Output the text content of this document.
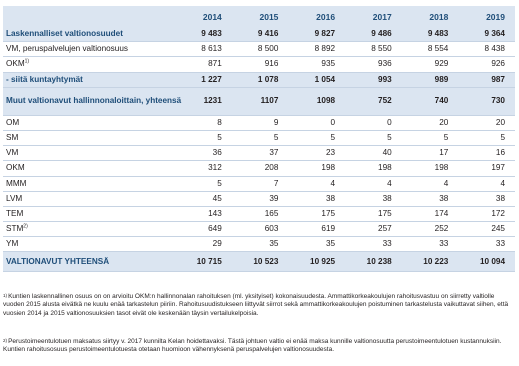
	2014	2015	2016	2017	2018	2019
Laskennalliset valtionosuudet	9 483	9 416	9 827	9 486	9 483	9 364
VM, peruspalvelujen valtionosuus	8 613	8 500	8 892	8 550	8 554	8 438
OKM$^{1)}$	871	916	935	936	929	926
- siitä kuntayhtymät	1 227	1 078	1 054	993	989	987
Muut valtionavut hallinnonaloittain, yhteensä	1231	1107	1098	752	740	730
OM	8	9	0	0	20	20
SM	5	5	5	5	5	5
VM	36	37	23	40	17	16
OKM	312	208	198	198	198	197
MMM	5	7	4	4	4	4
LVM	45	39	38	38	38	38
TEM	143	165	175	175	174	172
STM$^{2)}$	649	603	619	257	252	245
YM	29	35	35	33	33	33
VALTIONAVUT YHTEENSÄ	10 715	10 523	10 925	10 238	10 223	10 094
$^{1)}$Kuntien laskennallinen osuus on on arvioitu OKM:n hallinnonalan rahoituksen (ml. yksityiset) kokonaisuudesta. Ammattikorkeakoulujen rahoitusvastuu on siirretty valtiolle vuoden 2015 alusta eivätkä ne kuulu enää tarkastelun piiriin. Rahoitusuudistukseen liittyvät siirrot sekä ammattikorkeakoulujen poistuminen tarkastelusta vaikuttavat siihen, että vuosien 2014 ja 2015 valtionosuuksien tasot eivät ole keskenään täysin vertailukelpoisia.
$^{2)}$Perustoimeentulotuen maksatus siirtyy v. 2017 kunnilta Kelan hoidettavaksi. Tästä johtuen valtio ei enää maksa kunnille valtionosuutta perustoimeentulotuen kustannuksiin. Kuntien rahoitusosuus perustoimeentulotuesta otetaan huomioon vähennyksenä peruspalvelujen valtionosuudesta.
